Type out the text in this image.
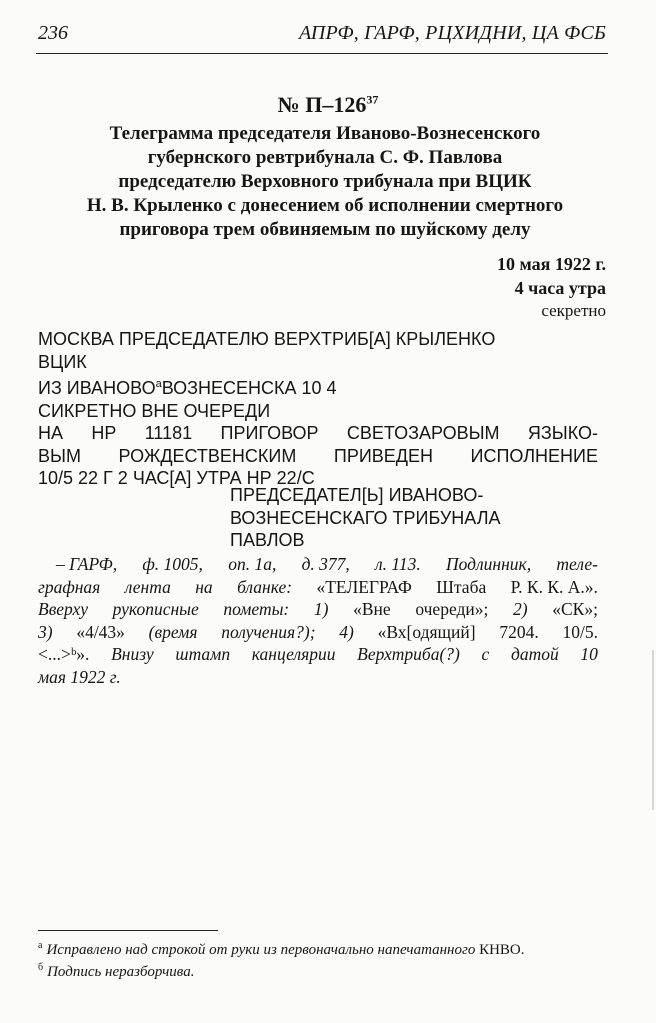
236	АПРФ, ГАРФ, РЦХИДНИ, ЦА ФСБ
№ $П-126^{37}$
Телеграмма председателя Иваново-Вознесенского
губернского ревтрибунала С. Ф. Павлова
председателю Верховного трибунала при ВЦИК
Н. В. Крыленко с донесением об исполнении смертного
приговора трем обвиняемым по шуйскому делу
10 мая 1922 г.
4 часа утра
секретно
МОСКВА ПРЕДСЕДАТЕЛЮ ВЕРХТРИБ[А] КРЫЛЕНКО
ВЦИК
ИЗ $ИВАНОВО^аВОЗНЕСЕНСКА$ 10 4
СИКРЕТНО ВНЕ ОЧЕРЕДИ
НА НР 11181 ПРИГОВОР СВЕТОЗАРОВЫМ ЯЗЫКО-
ВЫМ РОЖДЕСТВЕНСКИМ ПРИВЕДЕН ИСПОЛНЕНИЕ
10/5 22 Г 2 ЧАС[А] УТРА НР 22/С
ПРЕДСЕДАТЕЛ[Ь] ИВАНОВО-
ВОЗНЕСЕНСКАГО ТРИБУНАЛА
ПАВЛОВ
– ГАРФ, ф. 1005, оп. 1а, д. 377, л. 113. Подлинник, теле-
графная лента на бланке: «ТЕЛЕГРАФ Штаба Р. К. К. А.».
Вверху рукописные пометы: 1) «Вне очереди»; 2) «СК»;
3) «4/43» (время получения?); 4) «Вх[одящий] 7204. 10/5.
<...>ᵇ». Внизу штамп канцелярии Верхтриба(?) с датой 10
мая 1922 г.
$^а$ Исправлено над строкой от руки из первоначально напечатанного КНВО.
$^б$ Подпись неразборчива.
